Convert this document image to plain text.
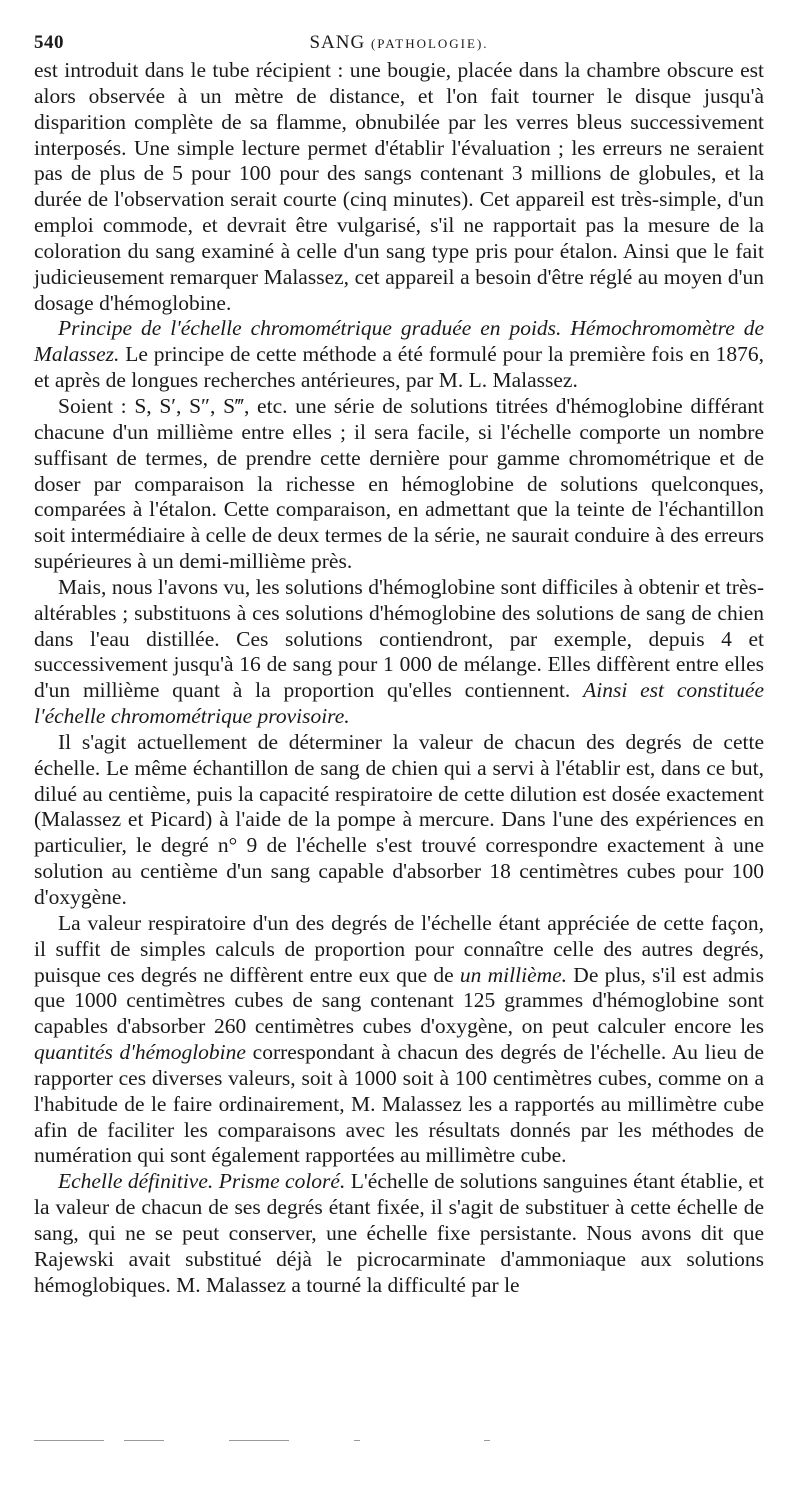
540	SANG (PATHOLOGIE).

est introduit dans le tube récipient : une bougie, placée dans la chambre obscure est alors observée à un mètre de distance, et l'on fait tourner le disque jusqu'à disparition complète de sa flamme, obnubilée par les verres bleus successivement interposés. Une simple lecture permet d'établir l'évaluation ; les erreurs ne seraient pas de plus de 5 pour 100 pour des sangs contenant 3 millions de globules, et la durée de l'observation serait courte (cinq minutes). Cet appareil est très-simple, d'un emploi commode, et devrait être vulgarisé, s'il ne rapportait pas la mesure de la coloration du sang examiné à celle d'un sang type pris pour étalon. Ainsi que le fait judicieusement remarquer Malassez, cet appareil a besoin d'être réglé au moyen d'un dosage d'hémoglobine.

Principe de l'échelle chromométrique graduée en poids. Hémochromomètre de Malassez. Le principe de cette méthode a été formulé pour la première fois en 1876, et après de longues recherches antérieures, par M. L. Malassez.

Soient : S, S′, S″, S‴, etc. une série de solutions titrées d'hémoglobine différant chacune d'un millième entre elles ; il sera facile, si l'échelle comporte un nombre suffisant de termes, de prendre cette dernière pour gamme chromométrique et de doser par comparaison la richesse en hémoglobine de solutions quelconques, comparées à l'étalon. Cette comparaison, en admettant que la teinte de l'échantillon soit intermédiaire à celle de deux termes de la série, ne saurait conduire à des erreurs supérieures à un demi-millième près.

Mais, nous l'avons vu, les solutions d'hémoglobine sont difficiles à obtenir et très-altérables ; substituons à ces solutions d'hémoglobine des solutions de sang de chien dans l'eau distillée. Ces solutions contiendront, par exemple, depuis 4 et successivement jusqu'à 16 de sang pour 1 000 de mélange. Elles diffèrent entre elles d'un millième quant à la proportion qu'elles contiennent. Ainsi est constituée l'échelle chromométrique provisoire.

Il s'agit actuellement de déterminer la valeur de chacun des degrés de cette échelle. Le même échantillon de sang de chien qui a servi à l'établir est, dans ce but, dilué au centième, puis la capacité respiratoire de cette dilution est dosée exactement (Malassez et Picard) à l'aide de la pompe à mercure. Dans l'une des expériences en particulier, le degré n° 9 de l'échelle s'est trouvé correspondre exactement à une solution au centième d'un sang capable d'absorber 18 centimètres cubes pour 100 d'oxygène.

La valeur respiratoire d'un des degrés de l'échelle étant appréciée de cette façon, il suffit de simples calculs de proportion pour connaître celle des autres degrés, puisque ces degrés ne diffèrent entre eux que de un millième. De plus, s'il est admis que 1000 centimètres cubes de sang contenant 125 grammes d'hémoglobine sont capables d'absorber 260 centimètres cubes d'oxygène, on peut calculer encore les quantités d'hémoglobine correspondant à chacun des degrés de l'échelle. Au lieu de rapporter ces diverses valeurs, soit à 1000 soit à 100 centimètres cubes, comme on a l'habitude de le faire ordinairement, M. Malassez les a rapportés au millimètre cube afin de faciliter les comparaisons avec les résultats donnés par les méthodes de numération qui sont également rapportées au millimètre cube.

Echelle définitive. Prisme coloré. L'échelle de solutions sanguines étant établie, et la valeur de chacun de ses degrés étant fixée, il s'agit de substituer à cette échelle de sang, qui ne se peut conserver, une échelle fixe persistante. Nous avons dit que Rajewski avait substitué déjà le picrocarminate d'ammoniaque aux solutions hémoglobiques. M. Malassez a tourné la difficulté par le
